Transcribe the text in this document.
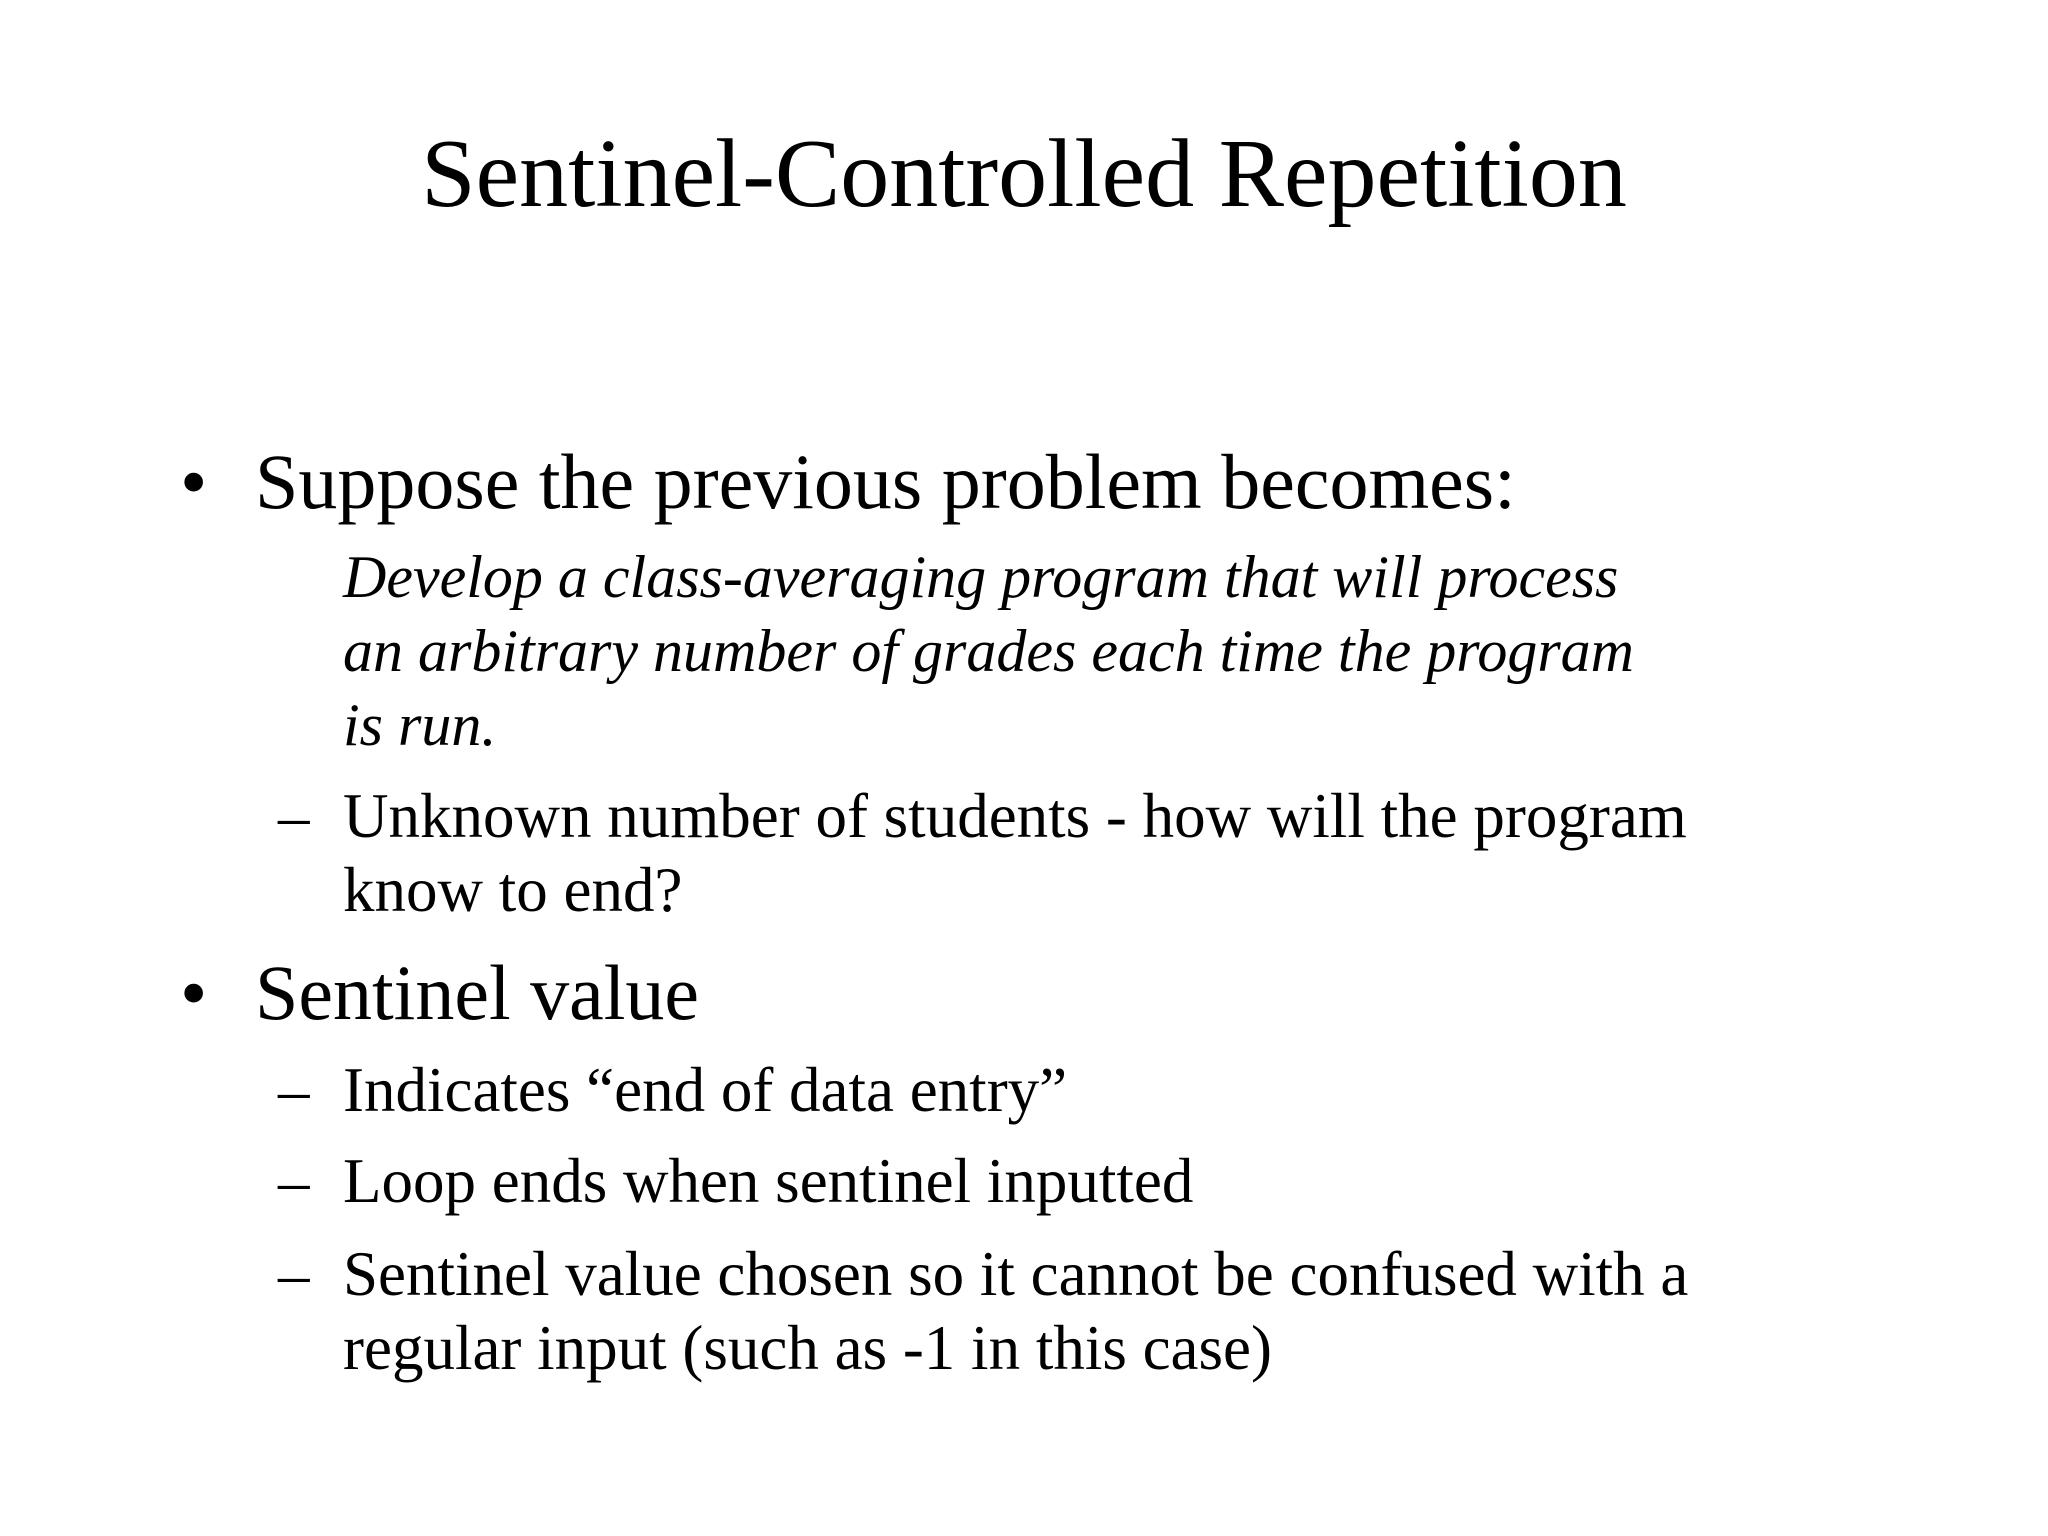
Sentinel-Controlled Repetition
• Suppose the previous problem becomes:
Develop a class-averaging program that will process
an arbitrary number of grades each time the program
is run.
– Unknown number of students - how will the program
know to end?
• Sentinel value
– Indicates “end of data entry”
– Loop ends when sentinel inputted
– Sentinel value chosen so it cannot be confused with a
regular input (such as -1 in this case)
